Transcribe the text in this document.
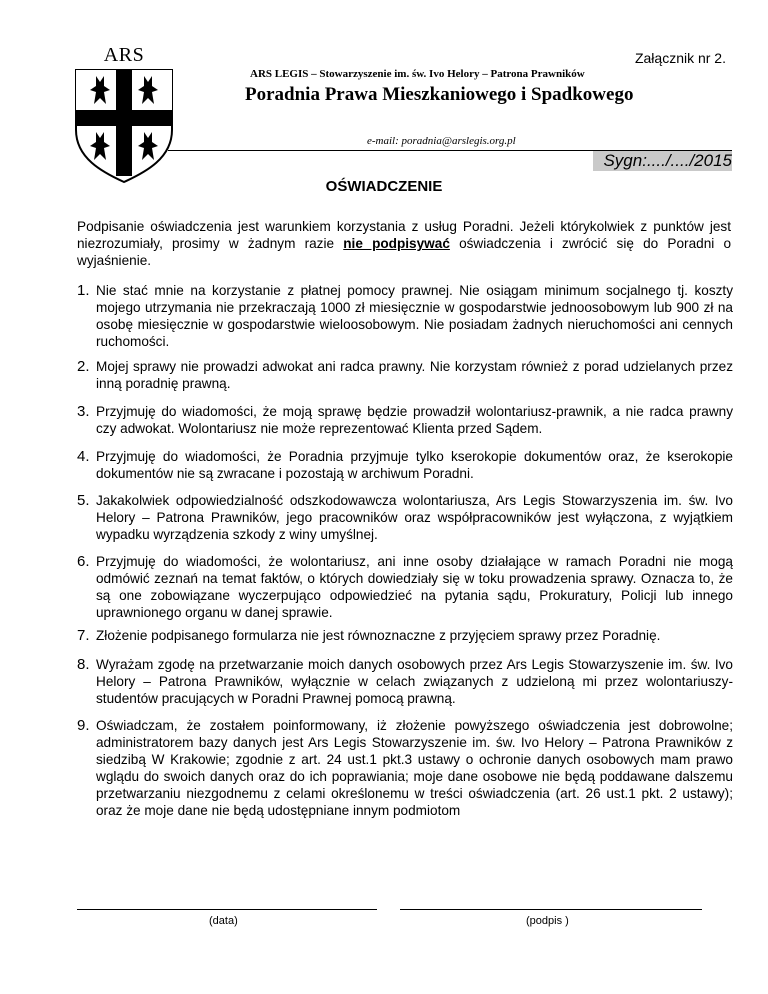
ARS	Załącznik nr 2.
ARS LEGIS – Stowarzyszenie im. św. Ivo Helory – Patrona Prawników
Poradnia Prawa Mieszkaniowego i Spadkowego
e-mail: poradnia@arslegis.org.pl
Sygn:..../..../2015
OŚWIADCZENIE
Podpisanie oświadczenia jest warunkiem korzystania z usług Poradni. Jeżeli którykolwiek z punktów jest niezrozumiały, prosimy w żadnym razie nie podpisywać oświadczenia i zwrócić się do Poradni o wyjaśnienie.
1. Nie stać mnie na korzystanie z płatnej pomocy prawnej. Nie osiągam minimum socjalnego tj. koszty mojego utrzymania nie przekraczają 1000 zł miesięcznie w gospodarstwie jednoosobowym lub 900 zł na osobę miesięcznie w gospodarstwie wieloosobowym. Nie posiadam żadnych nieruchomości ani cennych ruchomości.
2. Mojej sprawy nie prowadzi adwokat ani radca prawny. Nie korzystam również z porad udzielanych przez inną poradnię prawną.
3. Przyjmuję do wiadomości, że moją sprawę będzie prowadził wolontariusz-prawnik, a nie radca prawny czy adwokat. Wolontariusz nie może reprezentować Klienta przed Sądem.
4. Przyjmuję do wiadomości, że Poradnia przyjmuje tylko kserokopie dokumentów oraz, że kserokopie dokumentów nie są zwracane i pozostają w archiwum Poradni.
5. Jakakolwiek odpowiedzialność odszkodowawcza wolontariusza, Ars Legis Stowarzyszenia im. św. Ivo Helory – Patrona Prawników, jego pracowników oraz współpracowników jest wyłączona, z wyjątkiem wypadku wyrządzenia szkody z winy umyślnej.
6. Przyjmuję do wiadomości, że wolontariusz, ani inne osoby działające w ramach Poradni nie mogą odmówić zeznań na temat faktów, o których dowiedziały się w toku prowadzenia sprawy. Oznacza to, że są one zobowiązane wyczerpująco odpowiedzieć na pytania sądu, Prokuratury, Policji lub innego uprawnionego organu w danej sprawie.
7. Złożenie podpisanego formularza nie jest równoznaczne z przyjęciem sprawy przez Poradnię.
8. Wyrażam zgodę na przetwarzanie moich danych osobowych przez Ars Legis Stowarzyszenie im. św. Ivo Helory – Patrona Prawników, wyłącznie w celach związanych z udzieloną mi przez wolontariuszy-studentów pracujących w Poradni Prawnej pomocą prawną.
9. Oświadczam, że zostałem poinformowany, iż złożenie powyższego oświadczenia jest dobrowolne; administratorem bazy danych jest Ars Legis Stowarzyszenie im. św. Ivo Helory – Patrona Prawników z siedzibą W Krakowie; zgodnie z art. 24 ust.1 pkt.3 ustawy o ochronie danych osobowych mam prawo wglądu do swoich danych oraz do ich poprawiania; moje dane osobowe nie będą poddawane dalszemu przetwarzaniu niezgodnemu z celami określonemu w treści oświadczenia (art. 26 ust.1 pkt. 2 ustawy); oraz że moje dane nie będą udostępniane innym podmiotom
(data)	(podpis )
